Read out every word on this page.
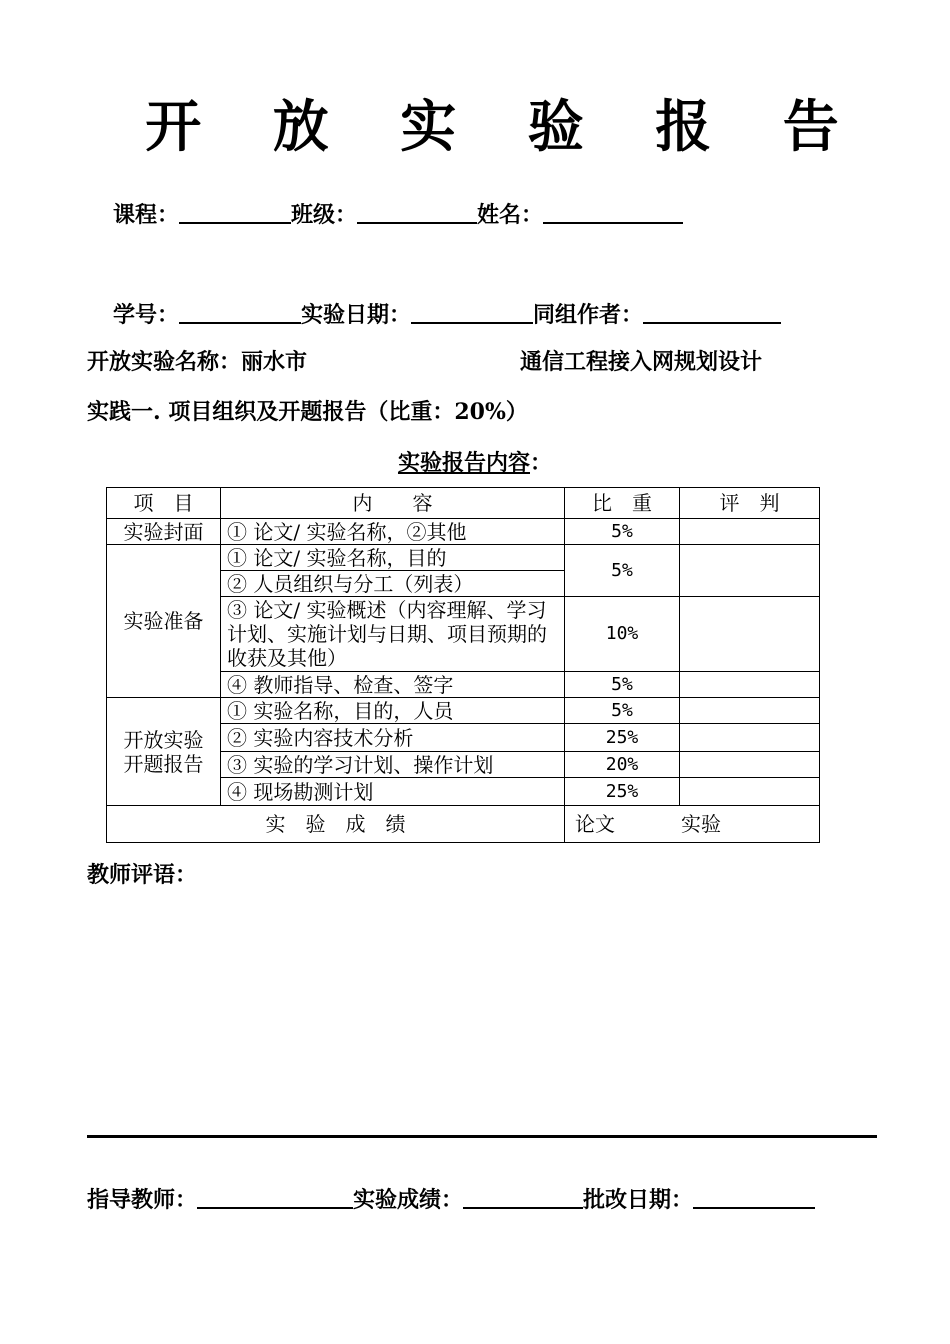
开 放 实 验 报 告
课程：	班级：	姓名：
学号：	实验日期：	同组作者：
开放实验名称：丽水市	通信工程接入网规划设计
实践一. 项目组织及开题报告（比重：20%）
实验报告内容：
项　目	内　　容	比　重	评　判
实验封面	① 论文/ 实验名称，②其他	5%	
实验准备	① 论文/ 实验名称，目的	5%	
	② 人员组织与分工（列表）		
	③ 论文/ 实验概述（内容理解、学习计划、实施计划与日期、项目预期的收获及其他）	10%	
	④ 教师指导、检查、签字	5%	
开放实验开题报告	① 实验名称，目的，人员	5%	
	② 实验内容技术分析	25%	
	③ 实验的学习计划、操作计划	20%	
	④ 现场勘测计划	25%	
实　验　成　绩		论文 实验	
教师评语：
指导教师：	实验成绩：	批改日期：
